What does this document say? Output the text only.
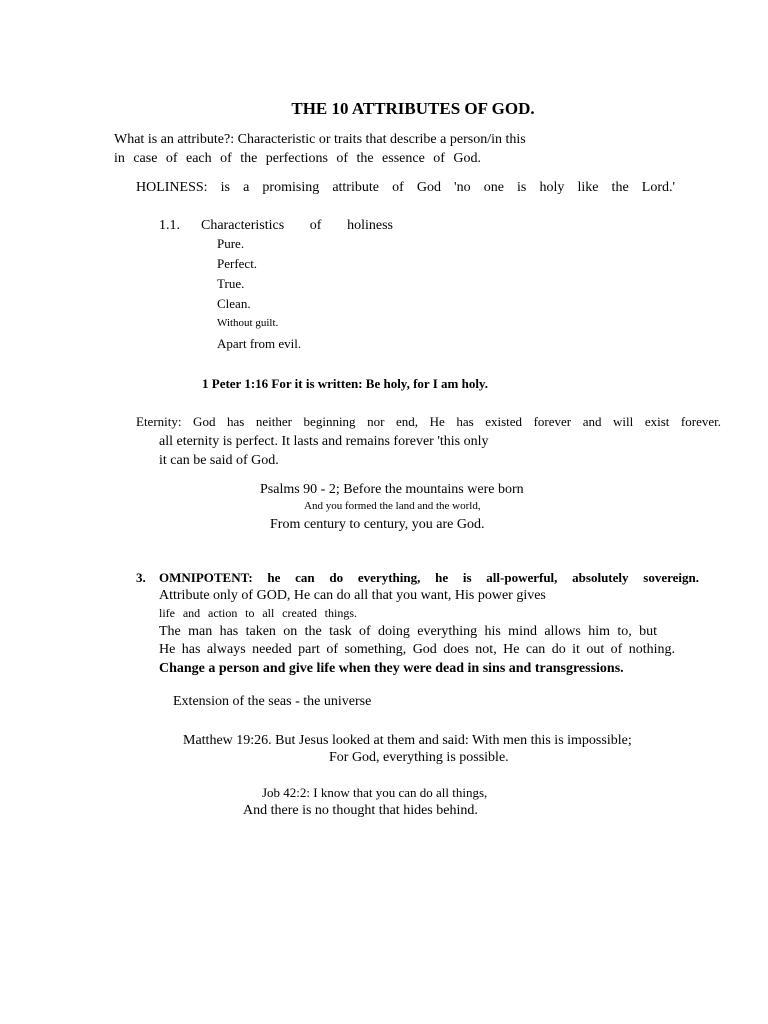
THE 10 ATTRIBUTES OF GOD.
What is an attribute?: Characteristic or traits that describe a person/in this
in case of each of the perfections of the essence of God.
HOLINESS: is a promising attribute of God 'no one is holy like the Lord.'
1.1. Characteristics of holiness
Pure.
Perfect.
True.
Clean.
Without guilt.
Apart from evil.
1 Peter 1:16 For it is written: Be holy, for I am holy.
Eternity: God has neither beginning nor end, He has existed forever and will exist forever.
all eternity is perfect. It lasts and remains forever 'this only
it can be said of God.
Psalms 90 - 2; Before the mountains were born
And you formed the land and the world,
From century to century, you are God.
3. OMNIPOTENT: he can do everything, he is all-powerful, absolutely sovereign.
Attribute only of GOD, He can do all that you want, His power gives
life and action to all created things.
The man has taken on the task of doing everything his mind allows him to, but
He has always needed part of something, God does not, He can do it out of nothing.
Change a person and give life when they were dead in sins and transgressions.
Extension of the seas - the universe
Matthew 19:26. But Jesus looked at them and said: With men this is impossible;
For God, everything is possible.
Job 42:2: I know that you can do all things,
And there is no thought that hides behind.
